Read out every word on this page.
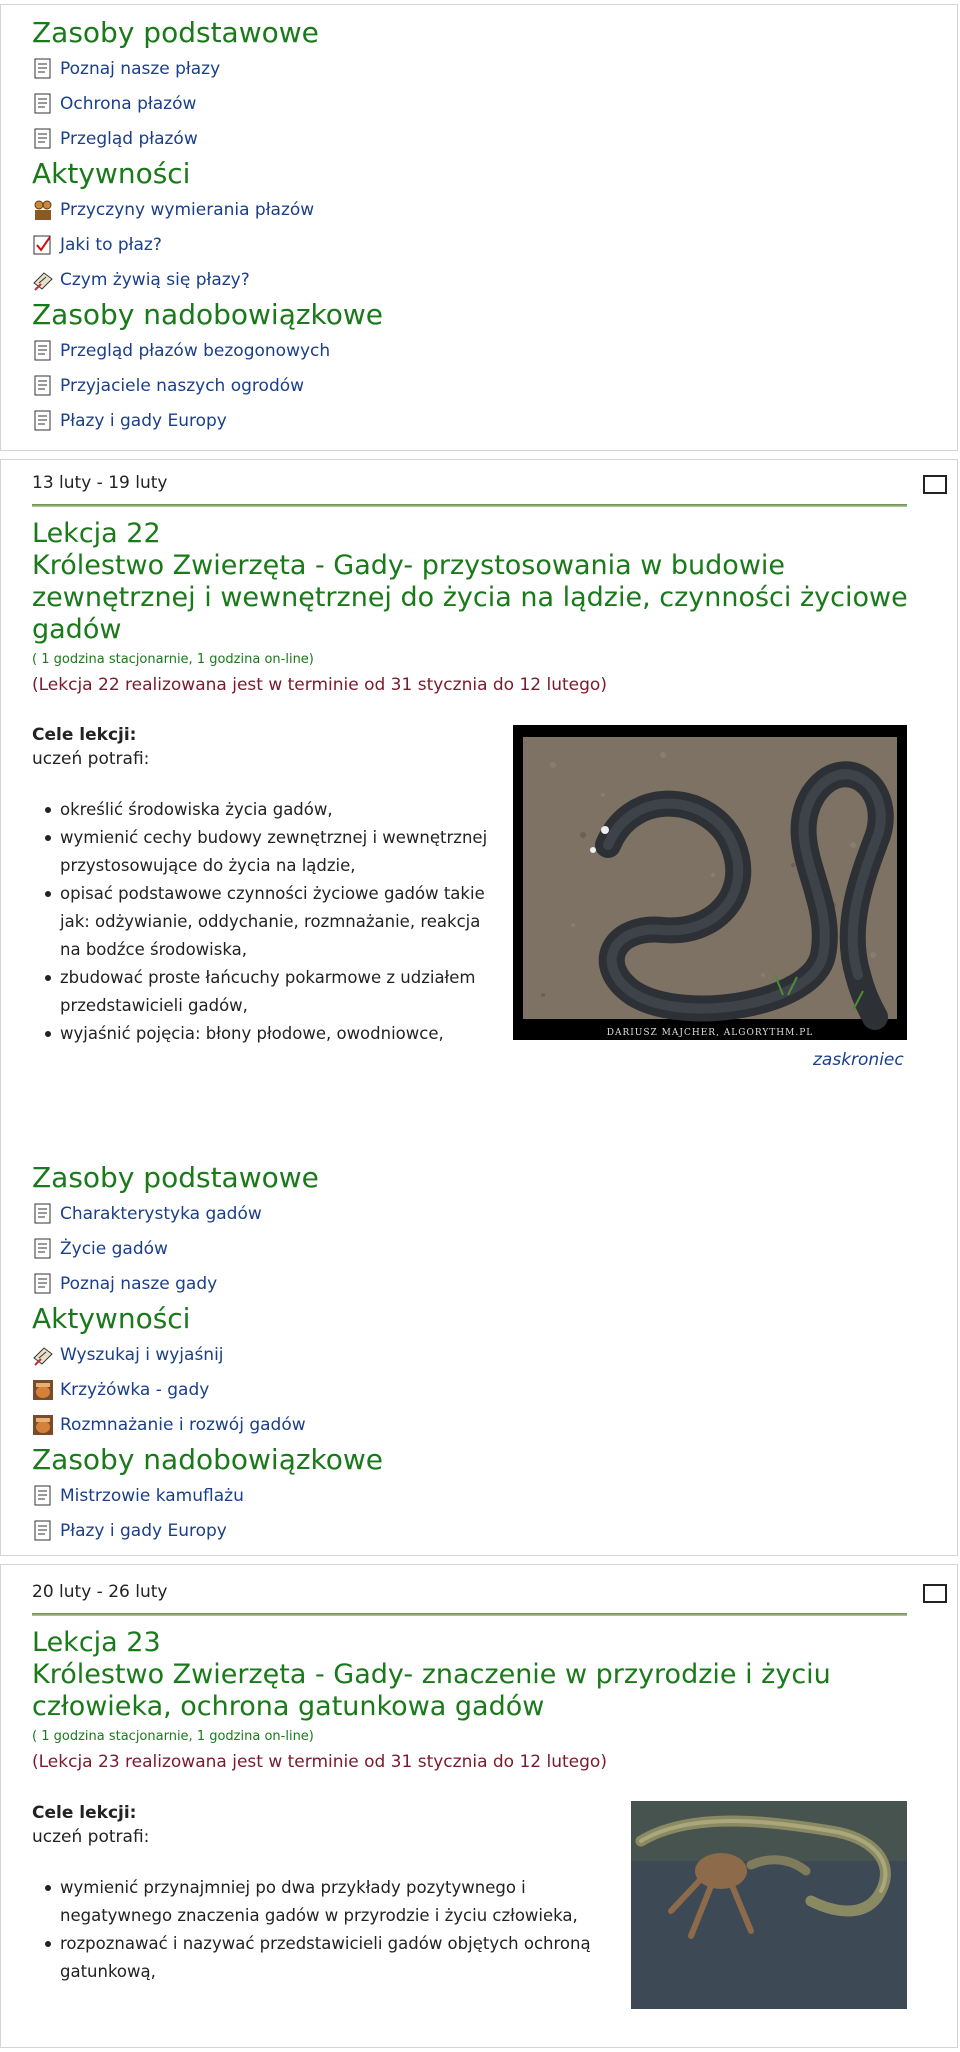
Zasoby podstawowe
Poznaj nasze płazy
Ochrona płazów
Przegląd płazów
Aktywności
Przyczyny wymierania płazów
Jaki to płaz?
Czym żywią się płazy?
Zasoby nadobowiązkowe
Przegląd płazów bezogonowych
Przyjaciele naszych ogrodów
Płazy i gady Europy
13 luty - 19 luty
Lekcja 22
Królestwo Zwierzęta - Gady- przystosowania w budowie zewnętrznej i wewnętrznej do życia na lądzie, czynności życiowe gadów
( 1 godzina stacjonarnie, 1 godzina on-line)
(Lekcja 22 realizowana jest w terminie od 31 stycznia do 12 lutego)
Cele lekcji:
uczeń potrafi:
określić środowiska życia gadów,
wymienić cechy budowy zewnętrznej i wewnętrznej przystosowujące do życia na lądzie,
opisać podstawowe czynności życiowe gadów takie jak: odżywianie, oddychanie, rozmnażanie, reakcja na bodźce środowiska,
zbudować proste łańcuchy pokarmowe z udziałem przedstawicieli gadów,
wyjaśnić pojęcia: błony płodowe, owodniowce,	DARIUSZ MAJCHER, ALGORYTHM.PL
zaskroniec
Zasoby podstawowe
Charakterystyka gadów
Życie gadów
Poznaj nasze gady
Aktywności
Wyszukaj i wyjaśnij
Krzyżówka - gady
Rozmnażanie i rozwój gadów
Zasoby nadobowiązkowe
Mistrzowie kamuflażu
Płazy i gady Europy
20 luty - 26 luty
Lekcja 23
Królestwo Zwierzęta - Gady- znaczenie w przyrodzie i życiu człowieka, ochrona gatunkowa gadów
( 1 godzina stacjonarnie, 1 godzina on-line)
(Lekcja 23 realizowana jest w terminie od 31 stycznia do 12 lutego)
Cele lekcji:
uczeń potrafi:
wymienić przynajmniej po dwa przykłady pozytywnego i negatywnego znaczenia gadów w przyrodzie i życiu człowieka,
rozpoznawać i nazywać przedstawicieli gadów objętych ochroną gatunkową,
